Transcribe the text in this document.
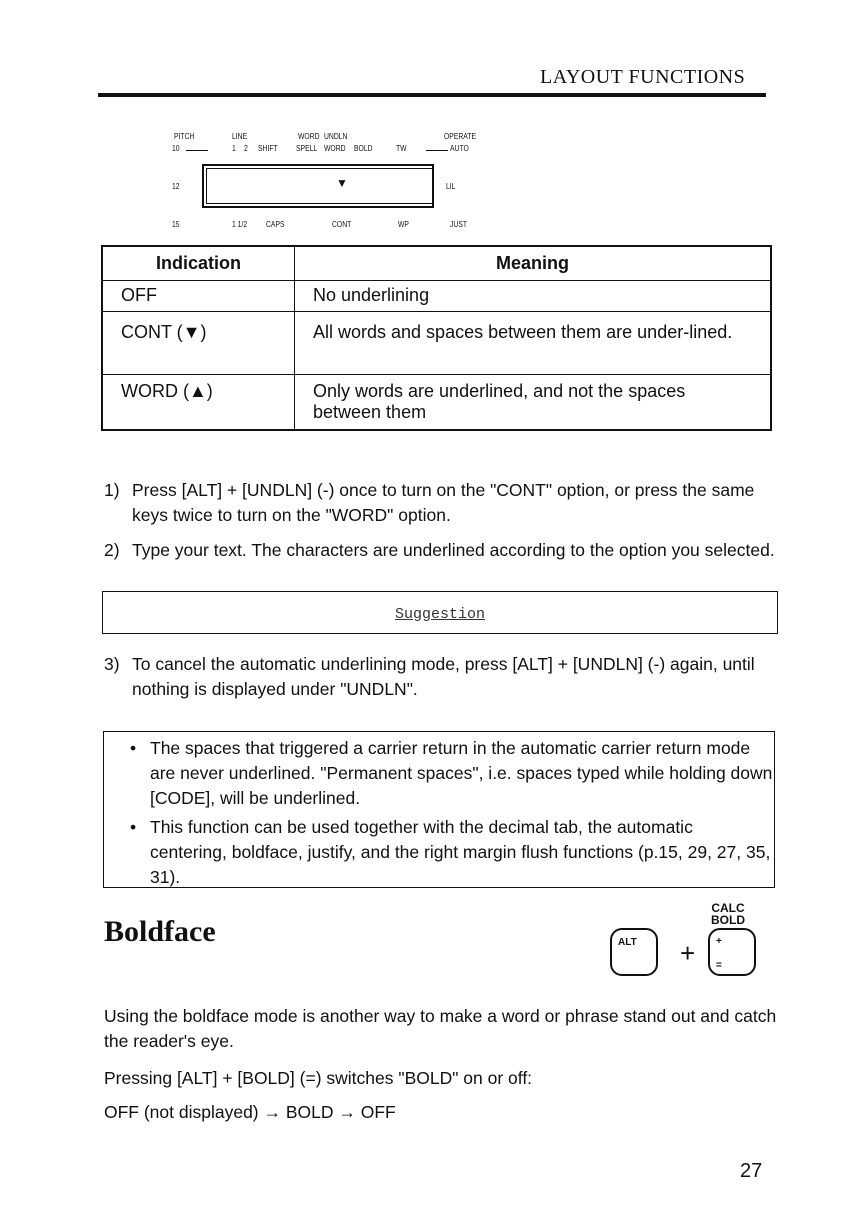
LAYOUT FUNCTIONS
PITCH	LINE	WORD UNDLN	OPERATE
10	1 2 SHIFT SPELL WORD BOLD	TW	AUTO
12
15
LIL
▼
1 1/2 CAPS	CONT	WP	JUST
Indication	Meaning
OFF	No underlining
CONT (▼)	All words and spaces between them are under-lined.
WORD (▲)	Only words are underlined, and not the spaces between them
1) Press [ALT] + [UNDLN] (-) once to turn on the "CONT" option, or press the same keys twice to turn on the "WORD" option.
2) Type your text. The characters are underlined according to the option you selected.
Suggestion
3) To cancel the automatic underlining mode, press [ALT] + [UNDLN] (-) again, until nothing is displayed under "UNDLN".
• The spaces that triggered a carrier return in the automatic carrier return mode are never underlined. "Permanent spaces", i.e. spaces typed while holding down [CODE], will be underlined.
• This function can be used together with the decimal tab, the automatic centering, boldface, justify, and the right margin flush functions (p.15, 29, 27, 35, 31).
Boldface
CALC
BOLD
ALT + +
=
Using the boldface mode is another way to make a word or phrase stand out and catch the reader's eye.
Pressing [ALT] + [BOLD] (=) switches "BOLD" on or off:
OFF (not displayed) → BOLD → OFF
27
